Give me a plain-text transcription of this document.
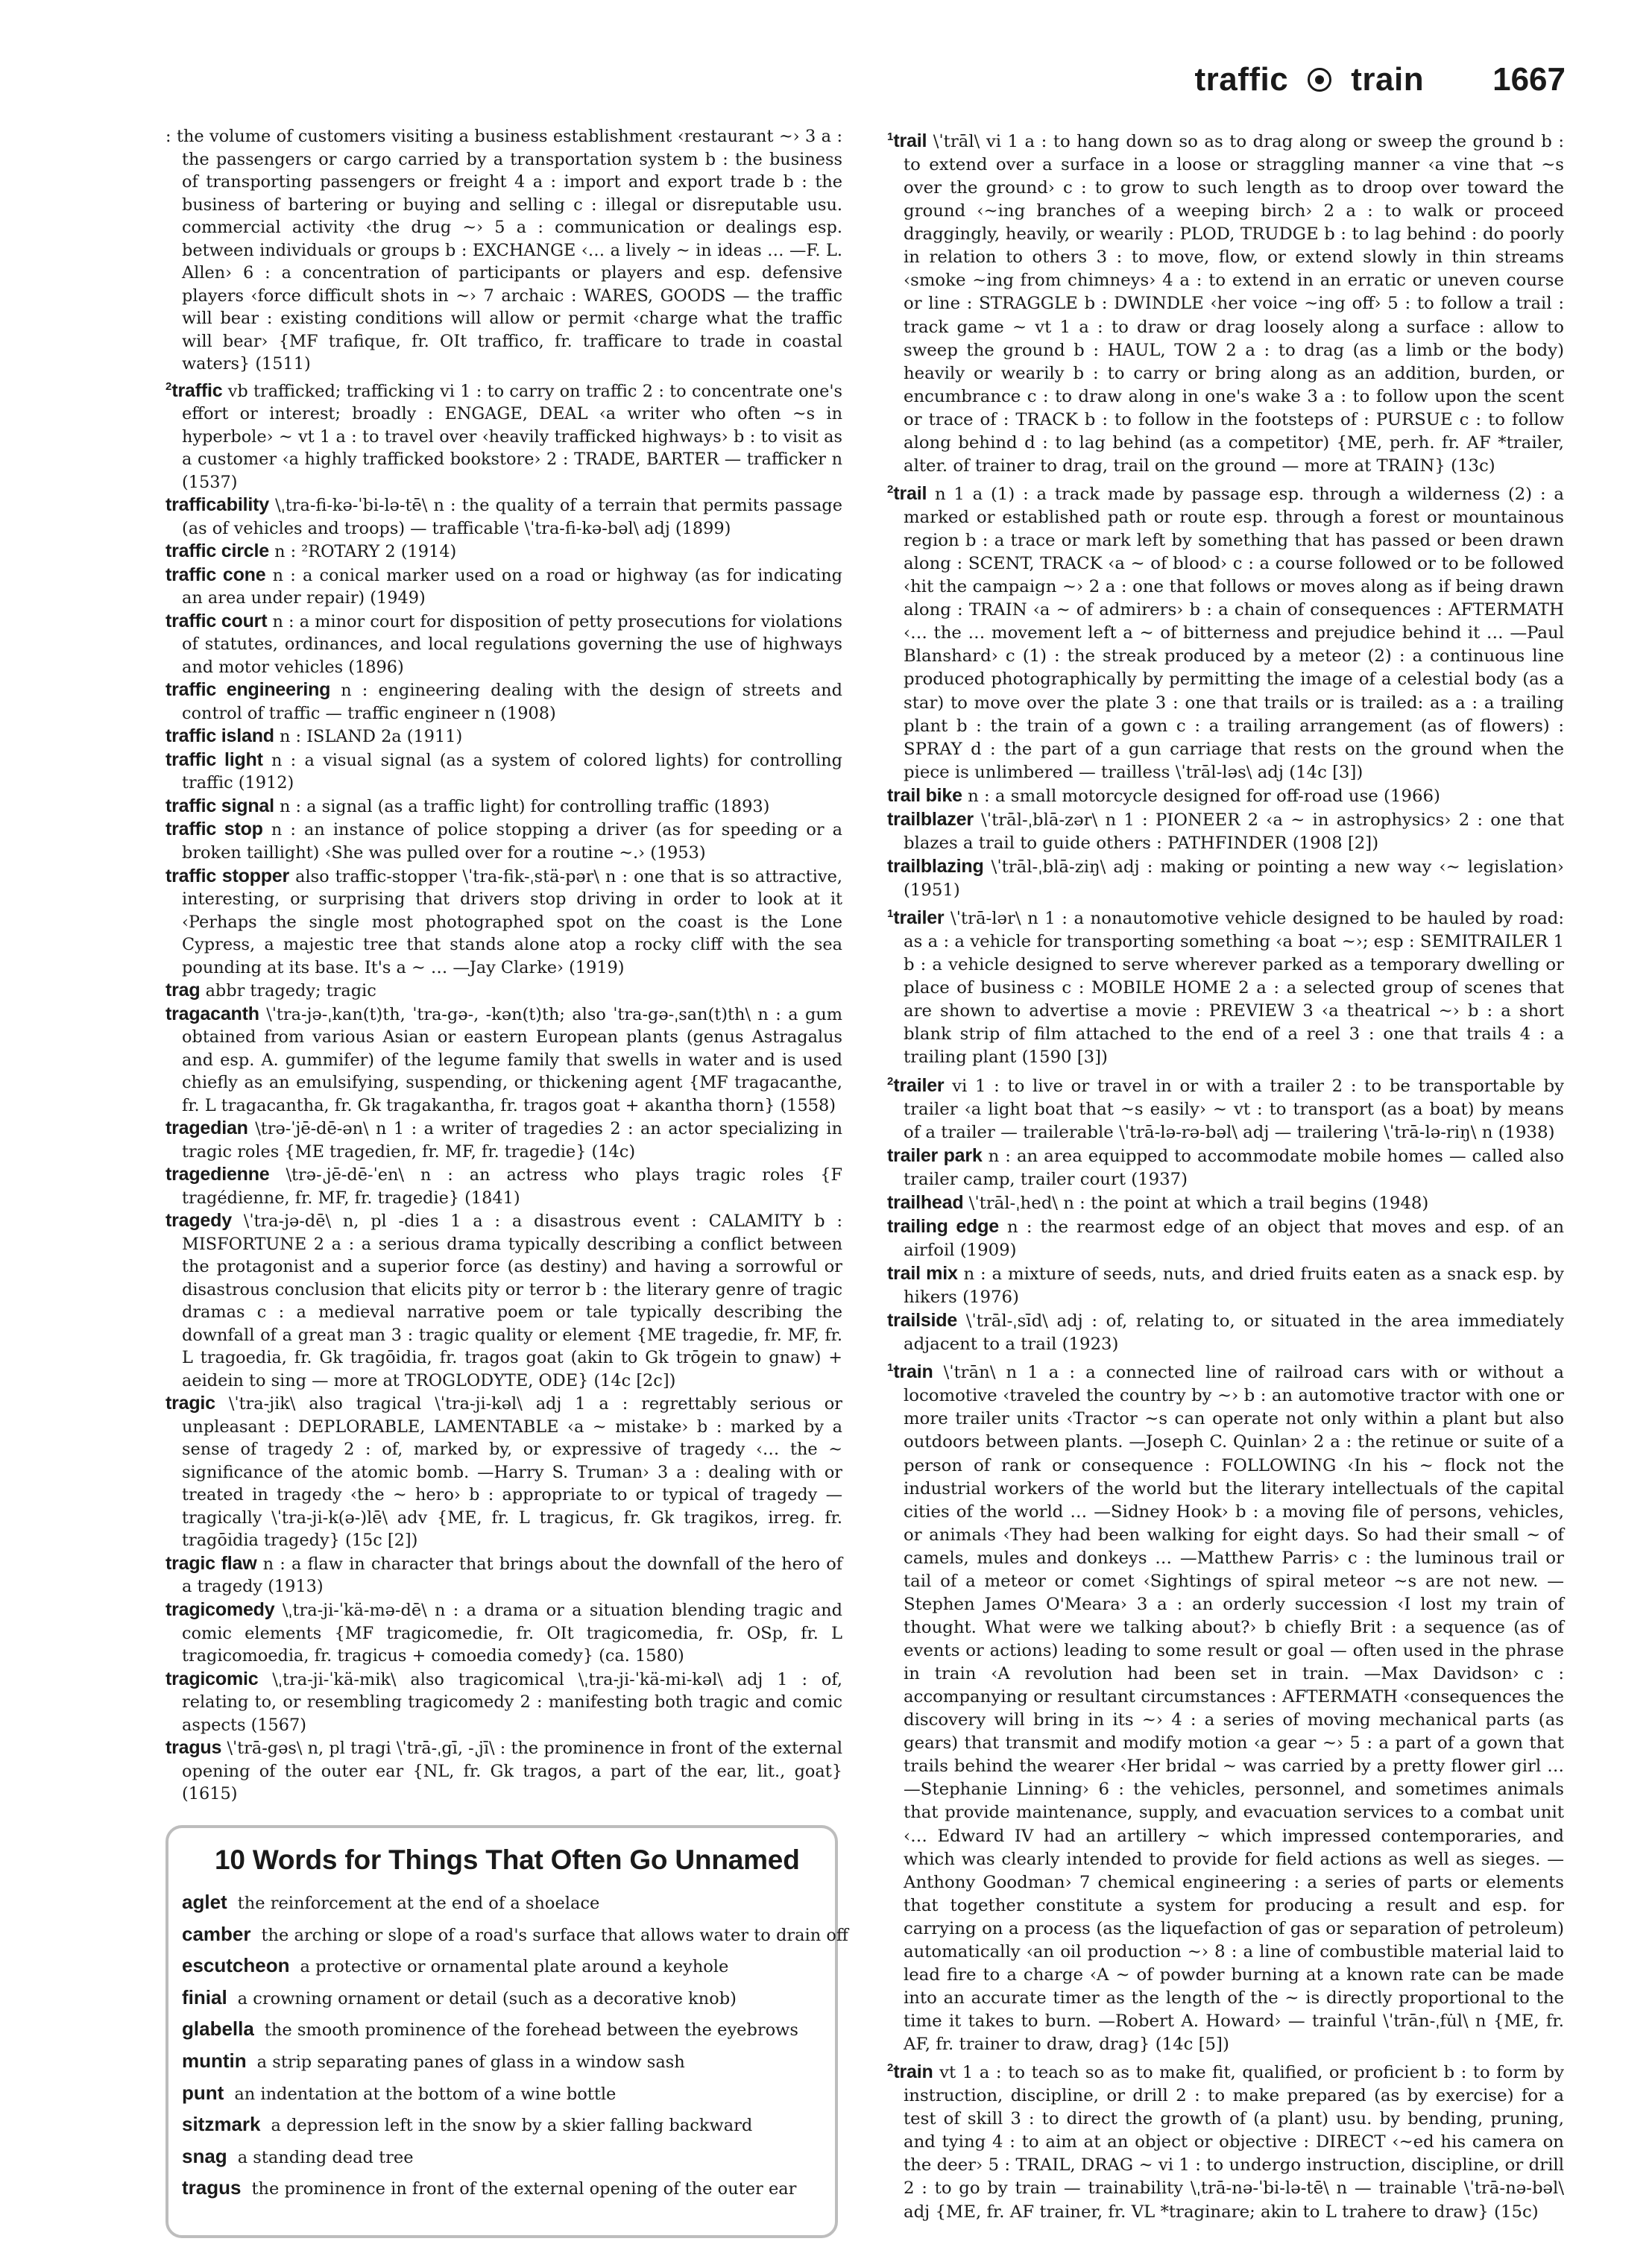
traffic train 1667

: the volume of customers visiting a business establishment ‹restaurant ~› 3 a : the passengers or cargo carried by a transportation system b : the business of transporting passengers or freight 4 a : import and export trade b : the business of bartering or buying and selling c : illegal or disreputable usu. commercial activity ‹the drug ~› 5 a : communication or dealings esp. between individuals or groups b : EXCHANGE ‹… a lively ~ in ideas … —F. L. Allen› 6 : a concentration of participants or players and esp. defensive players ‹force difficult shots in ~› 7 archaic : WARES, GOODS — the traffic will bear : existing conditions will allow or permit ‹charge what the traffic will bear› {MF trafique, fr. OIt traffico, fr. trafficare to trade in coastal waters} (1511)

$^2$traffic vb trafficked; trafficking vi 1 : to carry on traffic 2 : to concentrate one's effort or interest; broadly : ENGAGE, DEAL ‹a writer who often ~s in hyperbole› ~ vt 1 a : to travel over ‹heavily trafficked highways› b : to visit as a customer ‹a highly trafficked bookstore› 2 : TRADE, BARTER — trafficker n (1537)

trafficability \ˌtra-fi-kə-ˈbi-lə-tē\ n : the quality of a terrain that permits passage (as of vehicles and troops) — trafficable \ˈtra-fi-kə-bəl\ adj (1899)

traffic circle n : ²ROTARY 2 (1914)

traffic cone n : a conical marker used on a road or highway (as for indicating an area under repair) (1949)

traffic court n : a minor court for disposition of petty prosecutions for violations of statutes, ordinances, and local regulations governing the use of highways and motor vehicles (1896)

traffic engineering n : engineering dealing with the design of streets and control of traffic — traffic engineer n (1908)

traffic island n : ISLAND 2a (1911)

traffic light n : a visual signal (as a system of colored lights) for controlling traffic (1912)

traffic signal n : a signal (as a traffic light) for controlling traffic (1893)

traffic stop n : an instance of police stopping a driver (as for speeding or a broken taillight) ‹She was pulled over for a routine ~.› (1953)

traffic stopper also traffic-stopper \ˈtra-fik-ˌstä-pər\ n : one that is so attractive, interesting, or surprising that drivers stop driving in order to look at it ‹Perhaps the single most photographed spot on the coast is the Lone Cypress, a majestic tree that stands alone atop a rocky cliff with the sea pounding at its base. It's a ~ … —Jay Clarke› (1919)

trag abbr tragedy; tragic

tragacanth \ˈtra-jə-ˌkan(t)th, ˈtra-gə-, -kən(t)th; also ˈtra-gə-ˌsan(t)th\ n : a gum obtained from various Asian or eastern European plants (genus Astragalus and esp. A. gummifer) of the legume family that swells in water and is used chiefly as an emulsifying, suspending, or thickening agent {MF tragacanthe, fr. L tragacantha, fr. Gk tragakantha, fr. tragos goat + akantha thorn} (1558)

tragedian \trə-ˈjē-dē-ən\ n 1 : a writer of tragedies 2 : an actor specializing in tragic roles {ME tragedien, fr. MF, fr. tragedie} (14c)

tragedienne \trə-ˌjē-dē-ˈen\ n : an actress who plays tragic roles {F tragédienne, fr. MF, fr. tragedie} (1841)

tragedy \ˈtra-jə-dē\ n, pl -dies 1 a : a disastrous event : CALAMITY b : MISFORTUNE 2 a : a serious drama typically describing a conflict between the protagonist and a superior force (as destiny) and having a sorrowful or disastrous conclusion that elicits pity or terror b : the literary genre of tragic dramas c : a medieval narrative poem or tale typically describing the downfall of a great man 3 : tragic quality or element {ME tragedie, fr. MF, fr. L tragoedia, fr. Gk tragōidia, fr. tragos goat (akin to Gk trōgein to gnaw) + aeidein to sing — more at TROGLODYTE, ODE} (14c [2c])

tragic \ˈtra-jik\ also tragical \ˈtra-ji-kəl\ adj 1 a : regrettably serious or unpleasant : DEPLORABLE, LAMENTABLE ‹a ~ mistake› b : marked by a sense of tragedy 2 : of, marked by, or expressive of tragedy ‹… the ~ significance of the atomic bomb. —Harry S. Truman› 3 a : dealing with or treated in tragedy ‹the ~ hero› b : appropriate to or typical of tragedy — tragically \ˈtra-ji-k(ə-)lē\ adv {ME, fr. L tragicus, fr. Gk tragikos, irreg. fr. tragōidia tragedy} (15c [2])

tragic flaw n : a flaw in character that brings about the downfall of the hero of a tragedy (1913)

tragicomedy \ˌtra-ji-ˈkä-mə-dē\ n : a drama or a situation blending tragic and comic elements {MF tragicomedie, fr. OIt tragicomedia, fr. OSp, fr. L tragicomoedia, fr. tragicus + comoedia comedy} (ca. 1580)

tragicomic \ˌtra-ji-ˈkä-mik\ also tragicomical \ˌtra-ji-ˈkä-mi-kəl\ adj 1 : of, relating to, or resembling tragicomedy 2 : manifesting both tragic and comic aspects (1567)

tragus \ˈtrā-gəs\ n, pl tragi \ˈtrā-ˌgī, -ˌjī\ : the prominence in front of the external opening of the outer ear {NL, fr. Gk tragos, a part of the ear, lit., goat} (1615)

10 Words for Things That Often Go Unnamed
aglet the reinforcement at the end of a shoelace
camber the arching or slope of a road's surface that allows water to drain off
escutcheon a protective or ornamental plate around a keyhole
finial a crowning ornament or detail (such as a decorative knob)
glabella the smooth prominence of the forehead between the eyebrows
muntin a strip separating panes of glass in a window sash
punt an indentation at the bottom of a wine bottle
sitzmark a depression left in the snow by a skier falling backward
snag a standing dead tree
tragus the prominence in front of the external opening of the outer ear

$^1$trail \ˈtrāl\ vi 1 a : to hang down so as to drag along or sweep the ground b : to extend over a surface in a loose or straggling manner ‹a vine that ~s over the ground› c : to grow to such length as to droop over toward the ground ‹~ing branches of a weeping birch› 2 a : to walk or proceed draggingly, heavily, or wearily : PLOD, TRUDGE b : to lag behind : do poorly in relation to others 3 : to move, flow, or extend slowly in thin streams ‹smoke ~ing from chimneys› 4 a : to extend in an erratic or uneven course or line : STRAGGLE b : DWINDLE ‹her voice ~ing off› 5 : to follow a trail : track game ~ vt 1 a : to draw or drag loosely along a surface : allow to sweep the ground b : HAUL, TOW 2 a : to drag (as a limb or the body) heavily or wearily b : to carry or bring along as an addition, burden, or encumbrance c : to draw along in one's wake 3 a : to follow upon the scent or trace of : TRACK b : to follow in the footsteps of : PURSUE c : to follow along behind d : to lag behind (as a competitor) {ME, perh. fr. AF *trailer, alter. of trainer to drag, trail on the ground — more at TRAIN} (13c)

$^2$trail n 1 a (1) : a track made by passage esp. through a wilderness (2) : a marked or established path or route esp. through a forest or mountainous region b : a trace or mark left by something that has passed or been drawn along : SCENT, TRACK ‹a ~ of blood› c : a course followed or to be followed ‹hit the campaign ~› 2 a : one that follows or moves along as if being drawn along : TRAIN ‹a ~ of admirers› b : a chain of consequences : AFTERMATH ‹… the … movement left a ~ of bitterness and prejudice behind it … —Paul Blanshard› c (1) : the streak produced by a meteor (2) : a continuous line produced photographically by permitting the image of a celestial body (as a star) to move over the plate 3 : one that trails or is trailed: as a : a trailing plant b : the train of a gown c : a trailing arrangement (as of flowers) : SPRAY d : the part of a gun carriage that rests on the ground when the piece is unlimbered — trailless \ˈtrāl-ləs\ adj (14c [3])

trail bike n : a small motorcycle designed for off-road use (1966)

trailblazer \ˈtrāl-ˌblā-zər\ n 1 : PIONEER 2 ‹a ~ in astrophysics› 2 : one that blazes a trail to guide others : PATHFINDER (1908 [2])

trailblazing \ˈtrāl-ˌblā-ziŋ\ adj : making or pointing a new way ‹~ legislation› (1951)

$^1$trailer \ˈtrā-lər\ n 1 : a nonautomotive vehicle designed to be hauled by road: as a : a vehicle for transporting something ‹a boat ~›; esp : SEMITRAILER 1 b : a vehicle designed to serve wherever parked as a temporary dwelling or place of business c : MOBILE HOME 2 a : a selected group of scenes that are shown to advertise a movie : PREVIEW 3 ‹a theatrical ~› b : a short blank strip of film attached to the end of a reel 3 : one that trails 4 : a trailing plant (1590 [3])

$^2$trailer vi 1 : to live or travel in or with a trailer 2 : to be transportable by trailer ‹a light boat that ~s easily› ~ vt : to transport (as a boat) by means of a trailer — trailerable \ˈtrā-lə-rə-bəl\ adj — trailering \ˈtrā-lə-riŋ\ n (1938)

trailer park n : an area equipped to accommodate mobile homes — called also trailer camp, trailer court (1937)

trailhead \ˈtrāl-ˌhed\ n : the point at which a trail begins (1948)

trailing edge n : the rearmost edge of an object that moves and esp. of an airfoil (1909)

trail mix n : a mixture of seeds, nuts, and dried fruits eaten as a snack esp. by hikers (1976)

trailside \ˈtrāl-ˌsīd\ adj : of, relating to, or situated in the area immediately adjacent to a trail (1923)

$^1$train \ˈtrān\ n 1 a : a connected line of railroad cars with or without a locomotive ‹traveled the country by ~› b : an automotive tractor with one or more trailer units ‹Tractor ~s can operate not only within a plant but also outdoors between plants. —Joseph C. Quinlan› 2 a : the retinue or suite of a person of rank or consequence : FOLLOWING ‹In his ~ flock not the industrial workers of the world but the literary intellectuals of the capital cities of the world … —Sidney Hook› b : a moving file of persons, vehicles, or animals ‹They had been walking for eight days. So had their small ~ of camels, mules and donkeys … —Matthew Parris› c : the luminous trail or tail of a meteor or comet ‹Sightings of spiral meteor ~s are not new. —Stephen James O'Meara› 3 a : an orderly succession ‹I lost my train of thought. What were we talking about?› b chiefly Brit : a sequence (as of events or actions) leading to some result or goal — often used in the phrase in train ‹A revolution had been set in train. —Max Davidson› c : accompanying or resultant circumstances : AFTERMATH ‹consequences the discovery will bring in its ~› 4 : a series of moving mechanical parts (as gears) that transmit and modify motion ‹a gear ~› 5 : a part of a gown that trails behind the wearer ‹Her bridal ~ was carried by a pretty flower girl … —Stephanie Linning› 6 : the vehicles, personnel, and sometimes animals that provide maintenance, supply, and evacuation services to a combat unit ‹… Edward IV had an artillery ~ which impressed contemporaries, and which was clearly intended to provide for field actions as well as sieges. —Anthony Goodman› 7 chemical engineering : a series of parts or elements that together constitute a system for producing a result and esp. for carrying on a process (as the liquefaction of gas or separation of petroleum) automatically ‹an oil production ~› 8 : a line of combustible material laid to lead fire to a charge ‹A ~ of powder burning at a known rate can be made into an accurate timer as the length of the ~ is directly proportional to the time it takes to burn. —Robert A. Howard› — trainful \ˈtrān-ˌfu̇l\ n {ME, fr. AF, fr. trainer to draw, drag} (14c [5])

$^2$train vt 1 a : to teach so as to make fit, qualified, or proficient b : to form by instruction, discipline, or drill 2 : to make prepared (as by exercise) for a test of skill 3 : to direct the growth of (a plant) usu. by bending, pruning, and tying 4 : to aim at an object or objective : DIRECT ‹~ed his camera on the deer› 5 : TRAIL, DRAG ~ vi 1 : to undergo instruction, discipline, or drill 2 : to go by train — trainability \ˌtrā-nə-ˈbi-lə-tē\ n — trainable \ˈtrā-nə-bəl\ adj {ME, fr. AF trainer, fr. VL *traginare; akin to L trahere to draw} (15c)
